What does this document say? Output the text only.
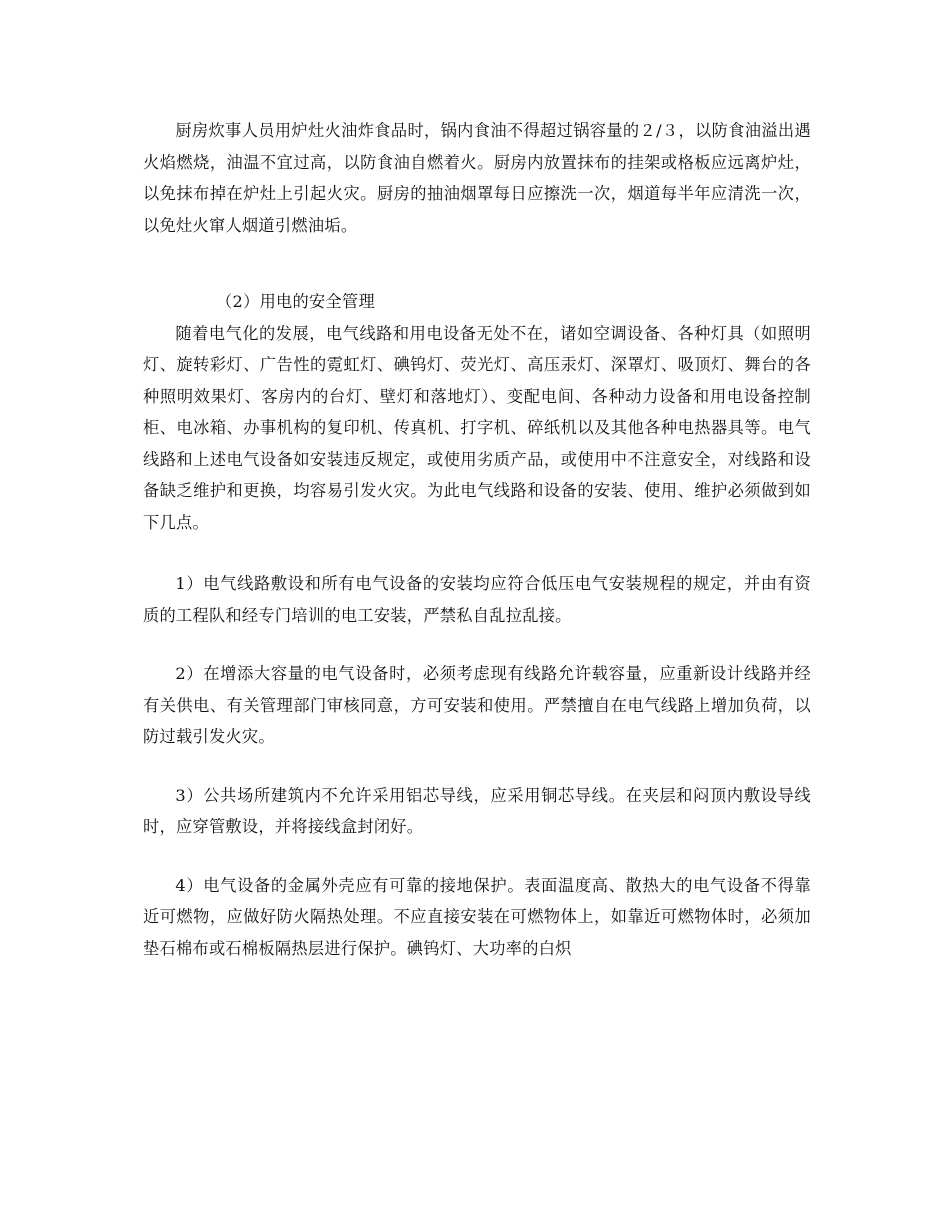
厨房炊事人员用炉灶火油炸食品时，锅内食油不得超过锅容量的２/３，以防食油溢出遇火焰燃烧，油温不宜过高，以防食油自燃着火。厨房内放置抹布的挂架或格板应远离炉灶，以免抹布掉在炉灶上引起火灾。厨房的抽油烟罩每日应擦洗一次，烟道每半年应清洗一次，以免灶火窜人烟道引燃油垢。

（2）用电的安全管理

随着电气化的发展，电气线路和用电设备无处不在，诸如空调设备、各种灯具（如照明灯、旋转彩灯、广告性的霓虹灯、碘钨灯、荧光灯、高压汞灯、深罩灯、吸顶灯、舞台的各种照明效果灯、客房内的台灯、壁灯和落地灯）、变配电间、各种动力设备和用电设备控制柜、电冰箱、办事机构的复印机、传真机、打字机、碎纸机以及其他各种电热器具等。电气线路和上述电气设备如安装违反规定，或使用劣质产品，或使用中不注意安全，对线路和设备缺乏维护和更换，均容易引发火灾。为此电气线路和设备的安装、使用、维护必须做到如下几点。

1）电气线路敷设和所有电气设备的安装均应符合低压电气安装规程的规定，并由有资质的工程队和经专门培训的电工安装，严禁私自乱拉乱接。

2）在增添大容量的电气设备时，必须考虑现有线路允许载容量，应重新设计线路并经有关供电、有关管理部门审核同意，方可安装和使用。严禁擅自在电气线路上增加负荷，以防过载引发火灾。

3）公共场所建筑内不允许采用铝芯导线，应采用铜芯导线。在夹层和闷顶内敷设导线时，应穿管敷设，并将接线盒封闭好。

4）电气设备的金属外壳应有可靠的接地保护。表面温度高、散热大的电气设备不得靠近可燃物，应做好防火隔热处理。不应直接安装在可燃物体上，如靠近可燃物体时，必须加垫石棉布或石棉板隔热层进行保护。碘钨灯、大功率的白炽
